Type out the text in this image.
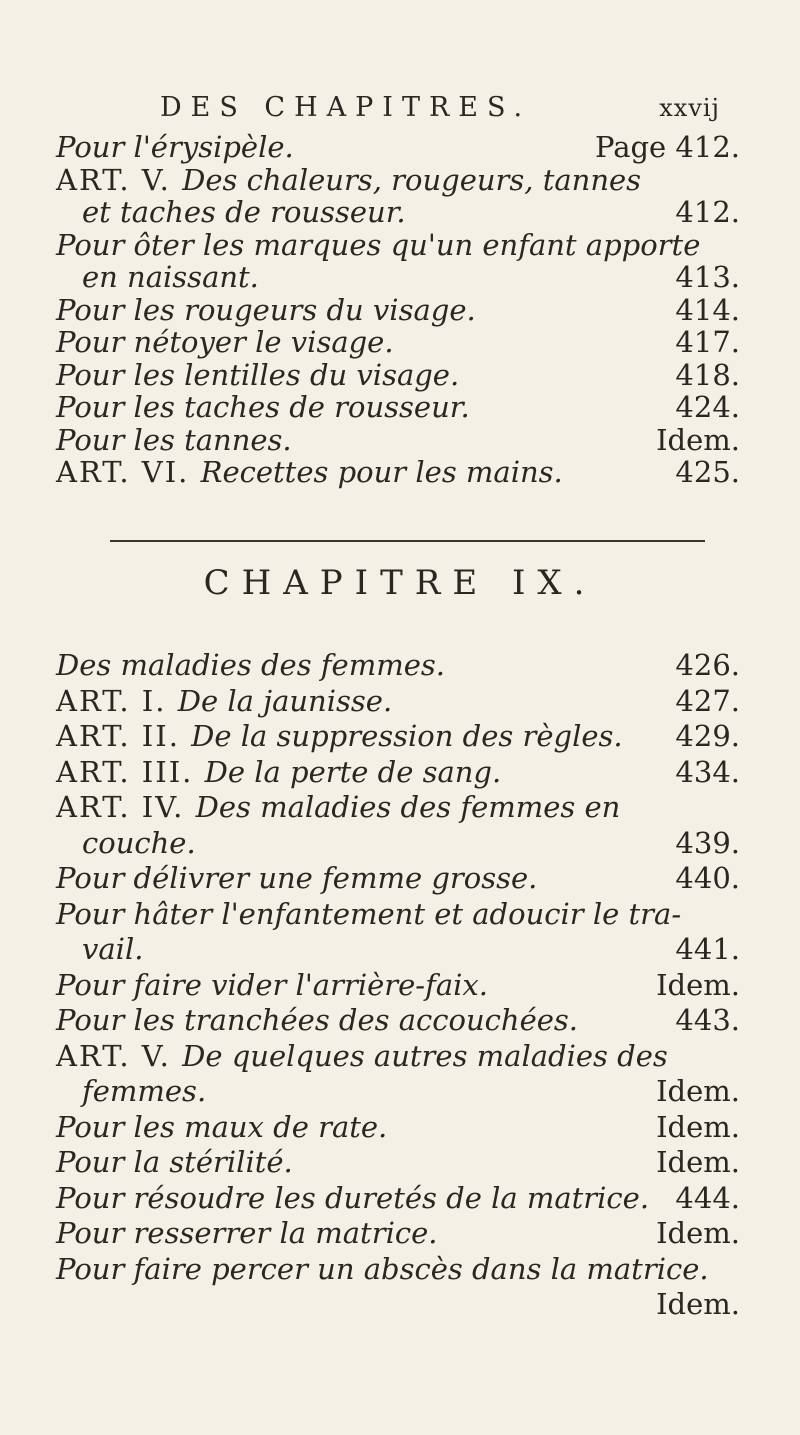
DES CHAPITRES.	xxvij
Pour l'érysipèle.	Page 412.
ART. V. Des chaleurs, rougeurs, tannes
et taches de rousseur.	412.
Pour ôter les marques qu'un enfant apporte
en naissant.	413.
Pour les rougeurs du visage.	414.
Pour nétoyer le visage.	417.
Pour les lentilles du visage.	418.
Pour les taches de rousseur.	424.
Pour les tannes.	Idem.
ART. VI. Recettes pour les mains.	425.
CHAPITRE IX.
Des maladies des femmes.	426.
ART. I. De la jaunisse.	427.
ART. II. De la suppression des règles. 429.
ART. III. De la perte de sang.	434.
ART. IV. Des maladies des femmes en
couche.	439.
Pour délivrer une femme grosse.	440.
Pour hâter l'enfantement et adoucir le tra-
vail.	441.
Pour faire vider l'arrière-faix.	Idem.
Pour les tranchées des accouchées.	443.
ART. V. De quelques autres maladies des
femmes.	Idem.
Pour les maux de rate.	Idem.
Pour la stérilité.	Idem.
Pour résoudre les duretés de la matrice. 444.
Pour resserrer la matrice.	Idem.
Pour faire percer un abscès dans la matrice.
Idem.
